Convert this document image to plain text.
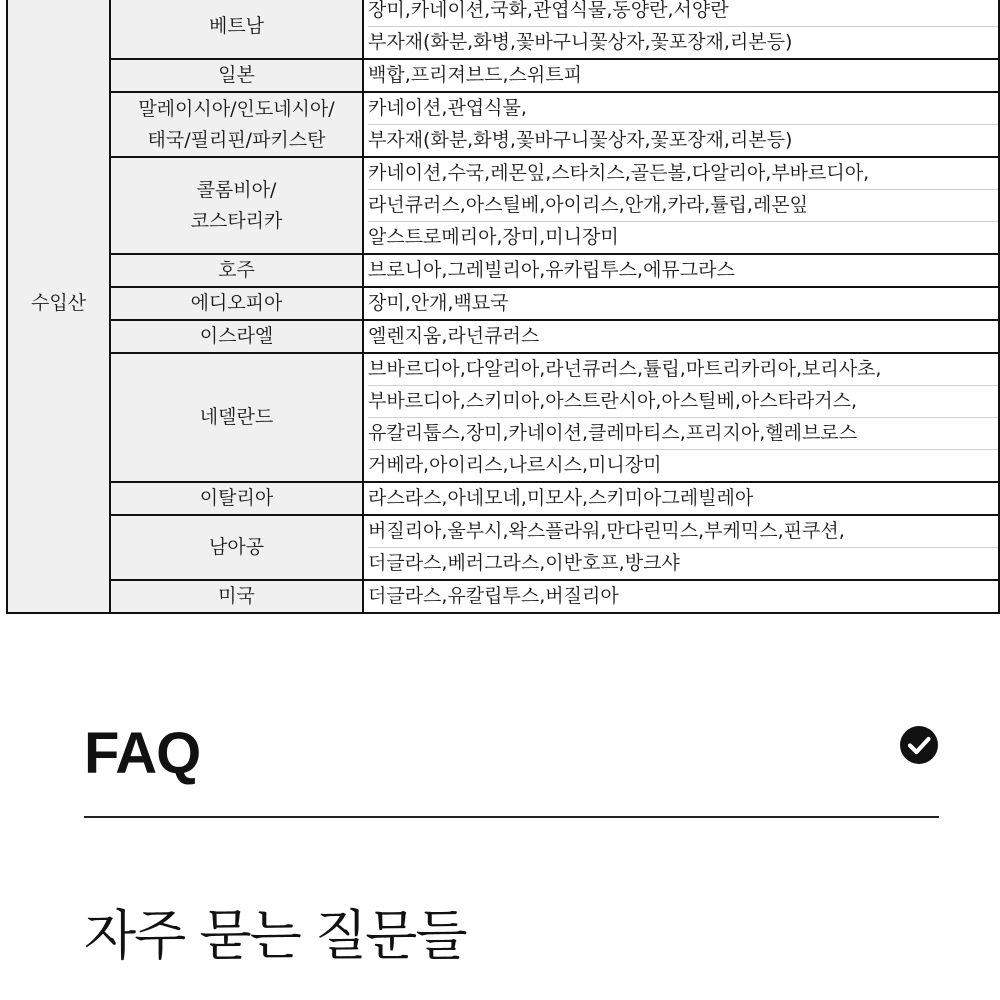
수입산	베트남	장미,카네이션,국화,관엽식물,동양란,서양란
부자재(화분,화병,꽃바구니꽃상자,꽃포장재,리본등)

	일본	백합,프리져브드,스위트피

	말레이시아/인도네시아/
태국/필리핀/파키스탄	카네이션,관엽식물,
부자재(화분,화병,꽃바구니꽃상자,꽃포장재,리본등)

	콜롬비아/
코스타리카	카네이션,수국,레몬잎,스타치스,골든볼,다알리아,부바르디아,
라넌큐러스,아스틸베,아이리스,안개,카라,튤립,레몬잎
알스트로메리아,장미,미니장미

	호주	브로니아,그레빌리아,유카립투스,에뮤그라스

	에디오피아	장미,안개,백묘국

	이스라엘	엘렌지움,라넌큐러스

	네델란드	브바르디아,다알리아,라넌큐러스,튤립,마트리카리아,보리사초,
부바르디아,스키미아,아스트란시아,아스틸베,아스타라거스,
유칼리툽스,장미,카네이션,클레마티스,프리지아,헬레브로스
거베라,아이리스,나르시스,미니장미

	이탈리아	라스라스,아네모네,미모사,스키미아그레빌레아

	남아공	버질리아,울부시,왁스플라워,만다린믹스,부케믹스,핀쿠션,
더글라스,베러그라스,이반호프,방크샤

	미국	더글라스,유칼립투스,버질리아
FAQ
자주 묻는 질문들
